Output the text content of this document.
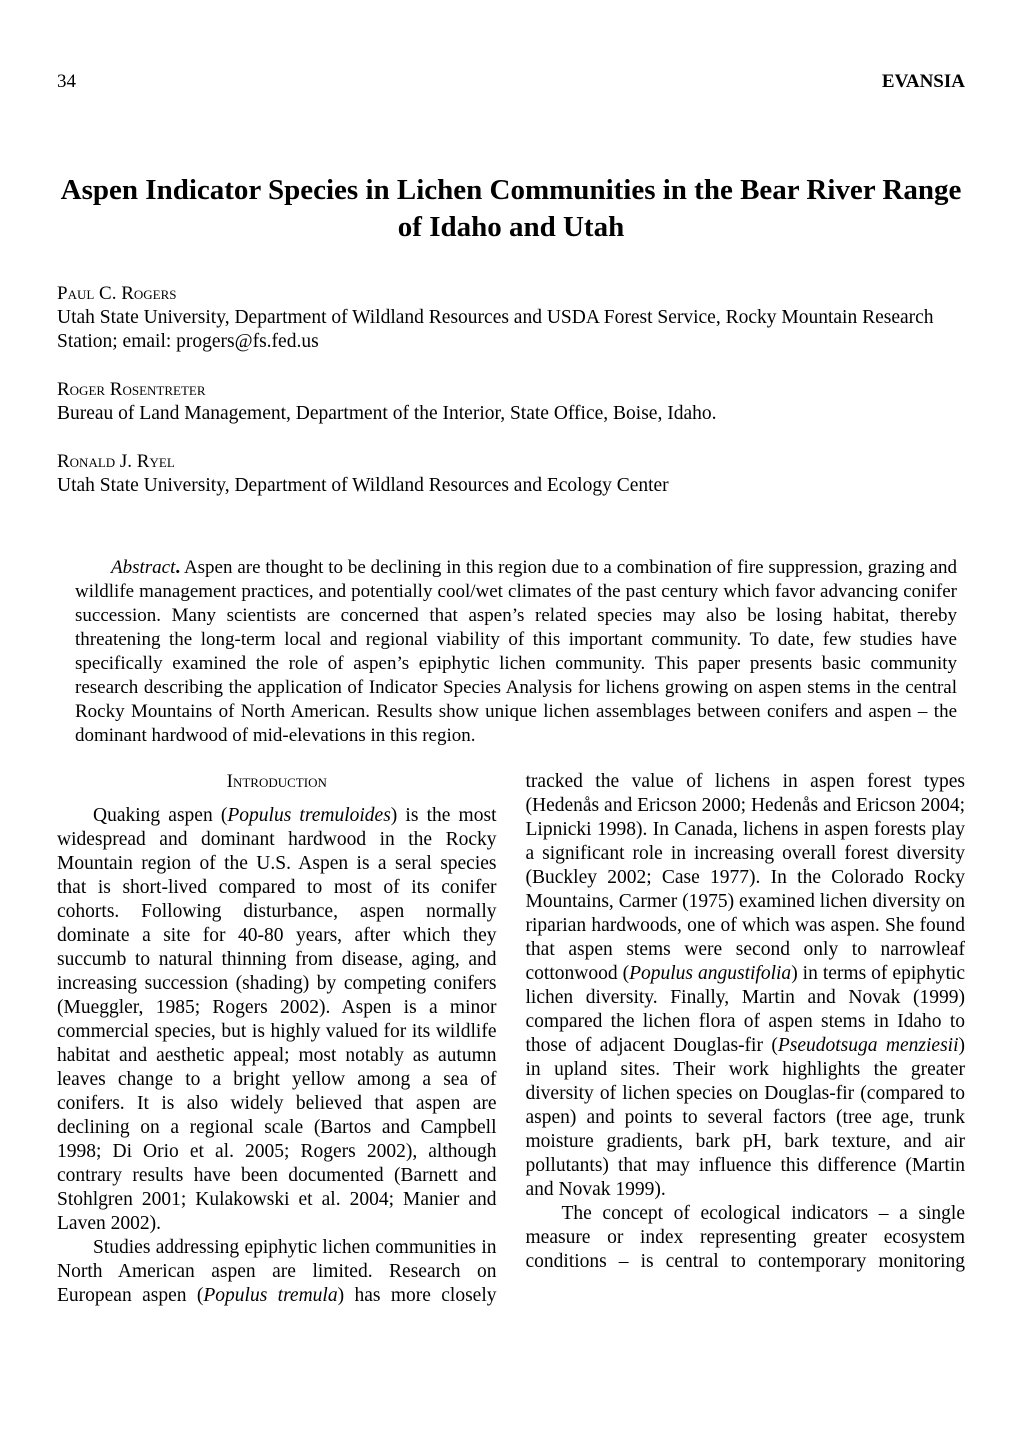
34	EVANSIA
Aspen Indicator Species in Lichen Communities in the Bear River Range of Idaho and Utah
Paul C. Rogers
Utah State University, Department of Wildland Resources and USDA Forest Service, Rocky Mountain Research Station; email: progers@fs.fed.us
Roger Rosentreter
Bureau of Land Management, Department of the Interior, State Office, Boise, Idaho.
Ronald J. Ryel
Utah State University, Department of Wildland Resources and Ecology Center

Abstract. Aspen are thought to be declining in this region due to a combination of fire suppression, grazing and wildlife management practices, and potentially cool/wet climates of the past century which favor advancing conifer succession. Many scientists are concerned that aspen’s related species may also be losing habitat, thereby threatening the long-term local and regional viability of this important community. To date, few studies have specifically examined the role of aspen’s epiphytic lichen community. This paper presents basic community research describing the application of Indicator Species Analysis for lichens growing on aspen stems in the central Rocky Mountains of North American. Results show unique lichen assemblages between conifers and aspen – the dominant hardwood of mid-elevations in this region.

Introduction

Quaking aspen (Populus tremuloides) is the most widespread and dominant hardwood in the Rocky Mountain region of the U.S. Aspen is a seral species that is short-lived compared to most of its conifer cohorts. Following disturbance, aspen normally dominate a site for 40-80 years, after which they succumb to natural thinning from disease, aging, and increasing succession (shading) by competing conifers (Mueggler, 1985; Rogers 2002). Aspen is a minor commercial species, but is highly valued for its wildlife habitat and aesthetic appeal; most notably as autumn leaves change to a bright yellow among a sea of conifers. It is also widely believed that aspen are declining on a regional scale (Bartos and Campbell 1998; Di Orio et al. 2005; Rogers 2002), although contrary results have been documented (Barnett and Stohlgren 2001; Kulakowski et al. 2004; Manier and Laven 2002).

Studies addressing epiphytic lichen communities in North American aspen are limited. Research on European aspen (Populus tremula) has more closely

tracked the value of lichens in aspen forest types (Hedenås and Ericson 2000; Hedenås and Ericson 2004; Lipnicki 1998). In Canada, lichens in aspen forests play a significant role in increasing overall forest diversity (Buckley 2002; Case 1977). In the Colorado Rocky Mountains, Carmer (1975) examined lichen diversity on riparian hardwoods, one of which was aspen. She found that aspen stems were second only to narrowleaf cottonwood (Populus angustifolia) in terms of epiphytic lichen diversity. Finally, Martin and Novak (1999) compared the lichen flora of aspen stems in Idaho to those of adjacent Douglas-fir (Pseudotsuga menziesii) in upland sites. Their work highlights the greater diversity of lichen species on Douglas-fir (compared to aspen) and points to several factors (tree age, trunk moisture gradients, bark pH, bark texture, and air pollutants) that may influence this difference (Martin and Novak 1999).

The concept of ecological indicators – a single measure or index representing greater ecosystem conditions – is central to contemporary monitoring
